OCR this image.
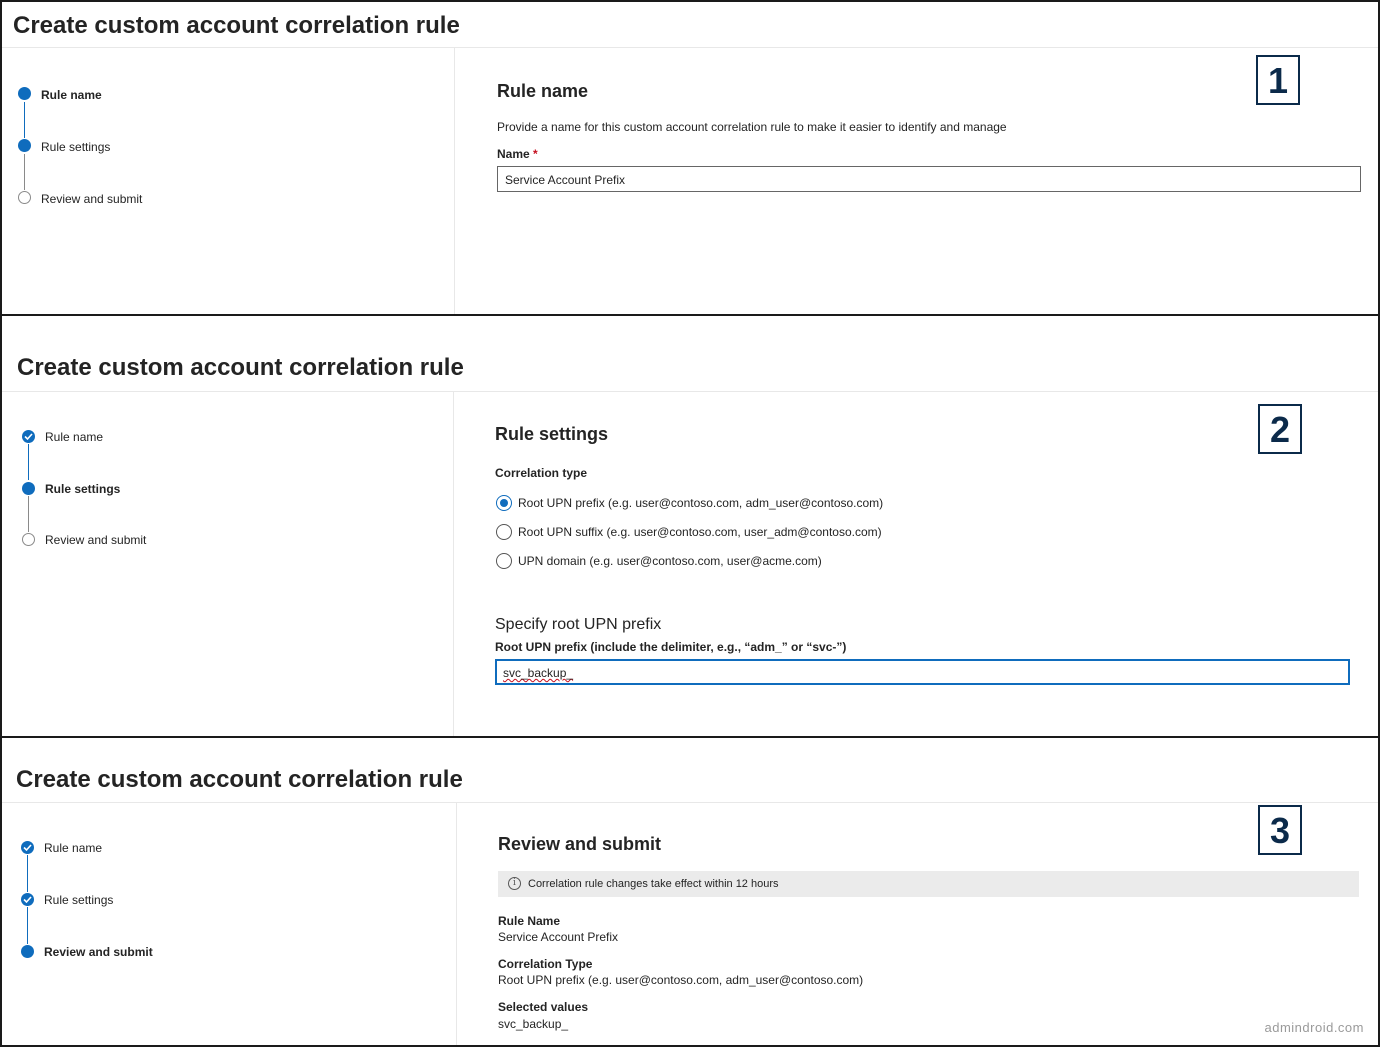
Create custom account correlation rule
Rule name
Rule settings
Review and submit
1
Rule name
Provide a name for this custom account correlation rule to make it easier to identify and manage
Name *
Service Account Prefix
Create custom account correlation rule
Rule name
Rule settings
Review and submit
2
Rule settings
Correlation type
Root UPN prefix (e.g. user@contoso.com, adm_user@contoso.com)
Root UPN suffix (e.g. user@contoso.com, user_adm@contoso.com)
UPN domain (e.g. user@contoso.com, user@acme.com)
Specify root UPN prefix
Root UPN prefix (include the delimiter, e.g., “adm_” or “svc-”)
svc_backup_
Create custom account correlation rule
Rule name
Rule settings
Review and submit
3
Review and submit
i	Correlation rule changes take effect within 12 hours
Rule Name
Service Account Prefix
Correlation Type
Root UPN prefix (e.g. user@contoso.com, adm_user@contoso.com)
Selected values
svc_backup_	admindroid.com
